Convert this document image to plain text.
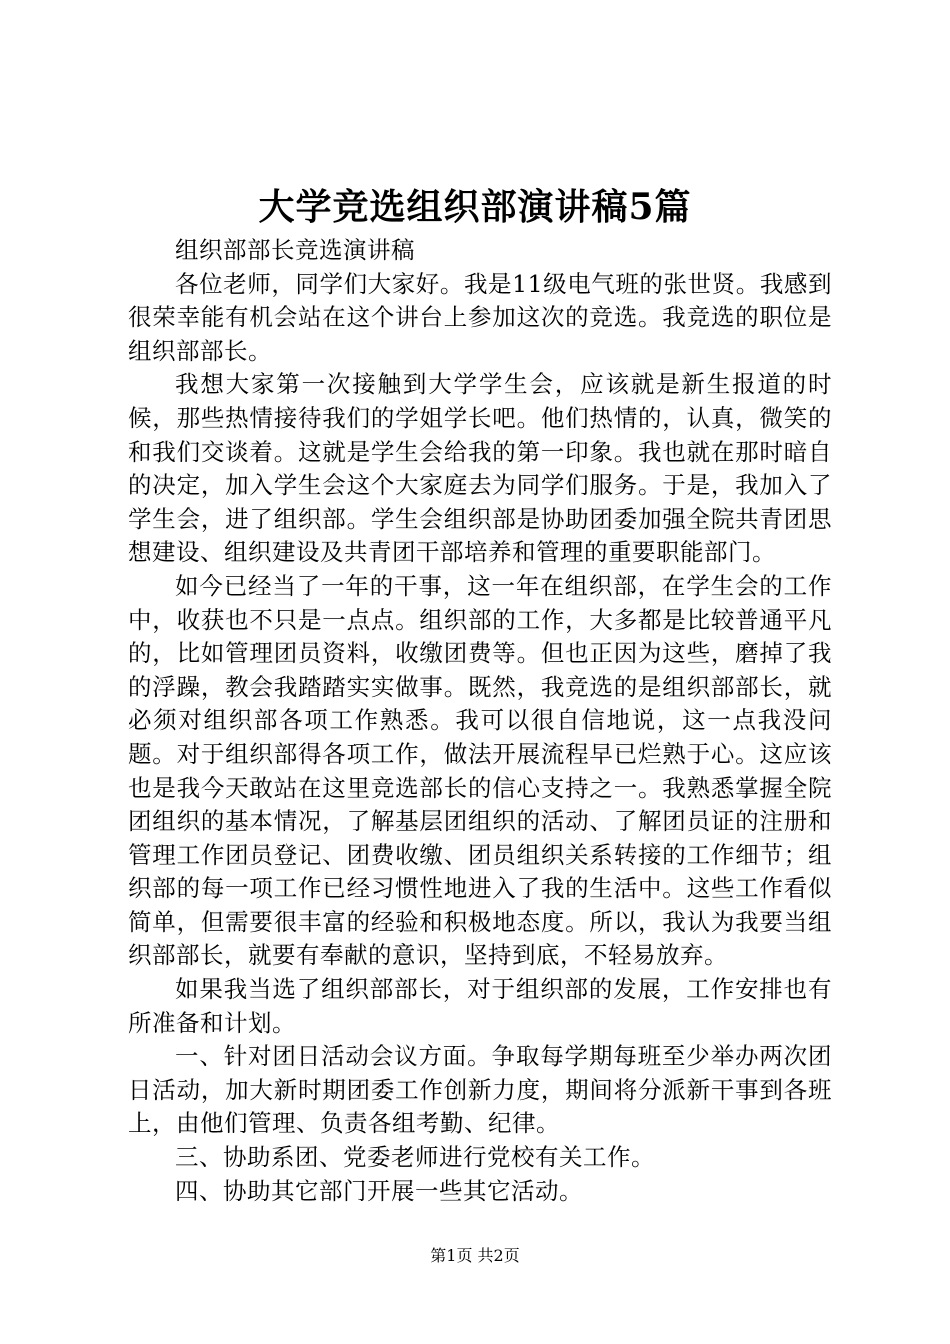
大学竞选组织部演讲稿5篇

组织部部长竞选演讲稿

各位老师，同学们大家好。我是11级电气班的张世贤。我感到很荣幸能有机会站在这个讲台上参加这次的竞选。我竞选的职位是组织部部长。

我想大家第一次接触到大学学生会，应该就是新生报道的时候，那些热情接待我们的学姐学长吧。他们热情的，认真，微笑的和我们交谈着。这就是学生会给我的第一印象。我也就在那时暗自的决定，加入学生会这个大家庭去为同学们服务。于是，我加入了学生会，进了组织部。学生会组织部是协助团委加强全院共青团思想建设、组织建设及共青团干部培养和管理的重要职能部门。

如今已经当了一年的干事，这一年在组织部，在学生会的工作中，收获也不只是一点点。组织部的工作，大多都是比较普通平凡的，比如管理团员资料，收缴团费等。但也正因为这些，磨掉了我的浮躁，教会我踏踏实实做事。既然，我竞选的是组织部部长，就必须对组织部各项工作熟悉。我可以很自信地说，这一点我没问题。对于组织部得各项工作，做法开展流程早已烂熟于心。这应该也是我今天敢站在这里竞选部长的信心支持之一。我熟悉掌握全院团组织的基本情况，了解基层团组织的活动、了解团员证的注册和管理工作团员登记、团费收缴、团员组织关系转接的工作细节；组织部的每一项工作已经习惯性地进入了我的生活中。这些工作看似简单，但需要很丰富的经验和积极地态度。所以，我认为我要当组织部部长，就要有奉献的意识，坚持到底，不轻易放弃。

如果我当选了组织部部长，对于组织部的发展，工作安排也有所准备和计划。

一、针对团日活动会议方面。争取每学期每班至少举办两次团日活动，加大新时期团委工作创新力度，期间将分派新干事到各班上，由他们管理、负责各组考勤、纪律。

三、协助系团、党委老师进行党校有关工作。

四、协助其它部门开展一些其它活动。

第1页 共2页
